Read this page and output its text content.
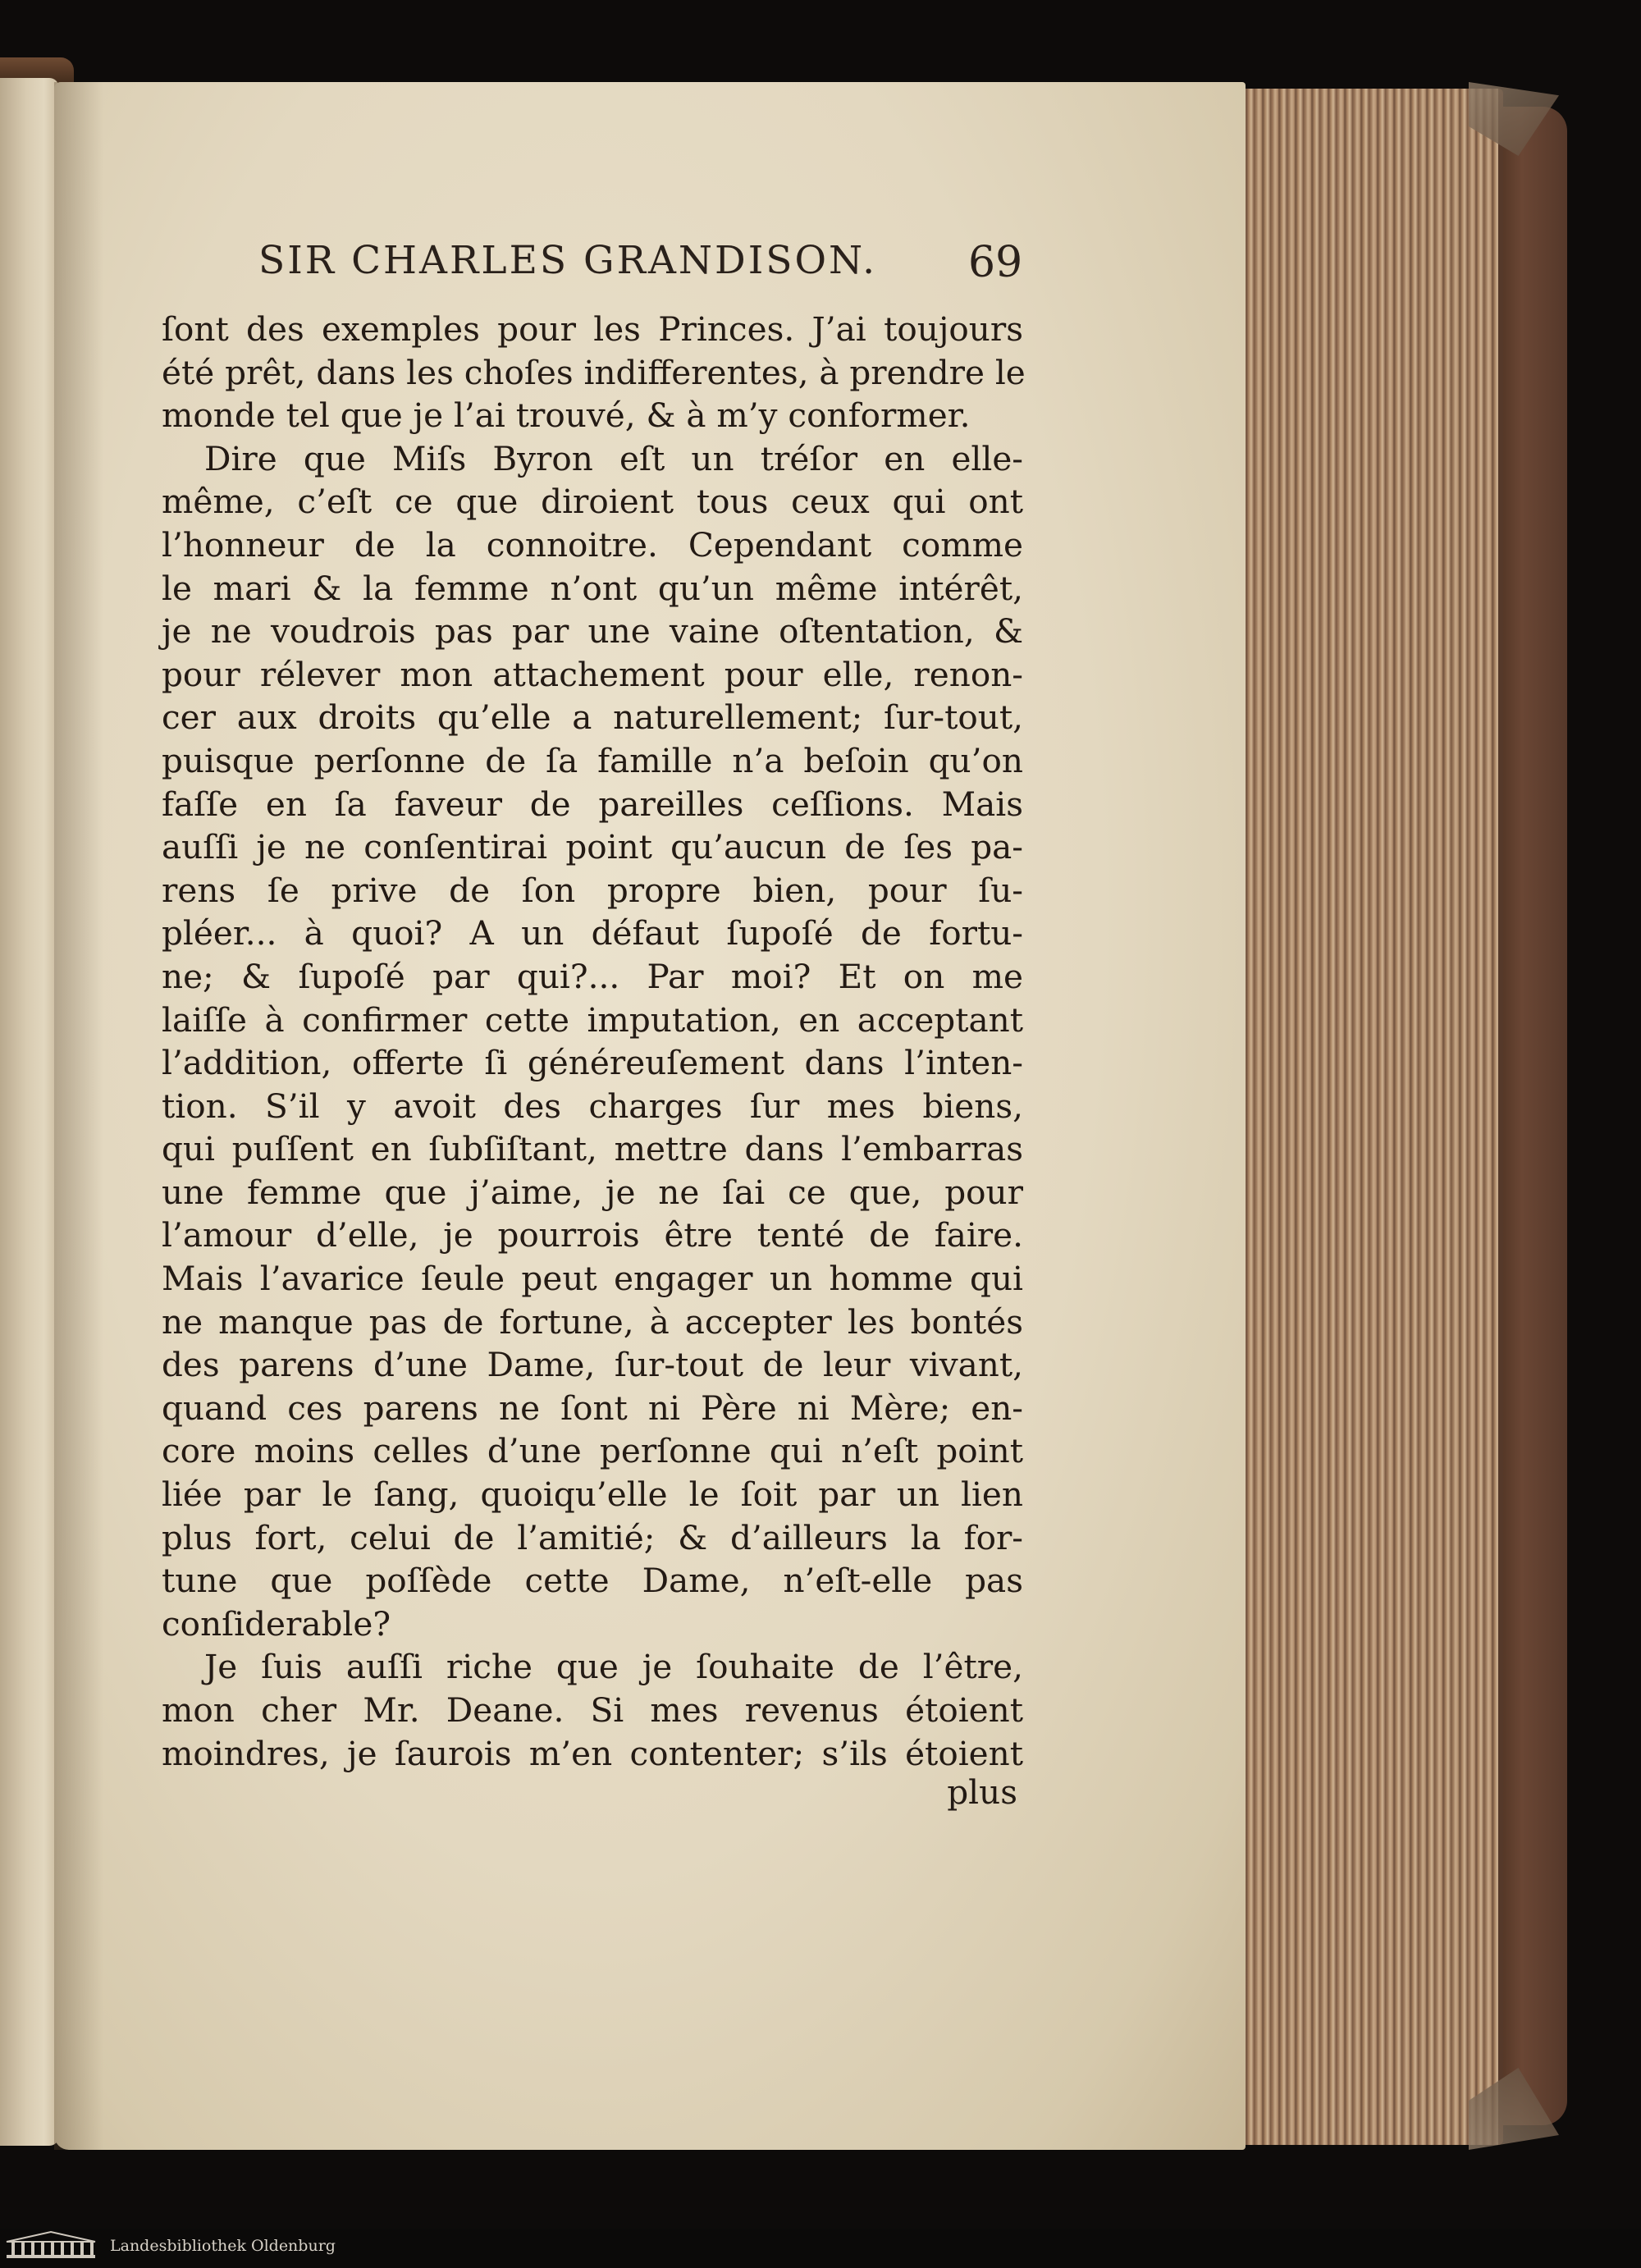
SIR CHARLES GRANDISON.	69
ſont des exemples pour les Princes. J’ai toujours
été prêt, dans les choſes indifferentes, à prendre le
monde tel que je l’ai trouvé, & à m’y conformer.
Dire que Miſs Byron eſt un tréſor en elle-
même, c’eſt ce que diroient tous ceux qui ont
l’honneur de la connoitre. Cependant comme
le mari & la femme n’ont qu’un même intérêt,
je ne voudrois pas par une vaine oſtentation, &
pour rélever mon attachement pour elle, renon-
cer aux droits qu’elle a naturellement; ſur-tout,
puisque perſonne de ſa famille n’a beſoin qu’on
faſſe en ſa faveur de pareilles ceſſions. Mais
auſſi je ne conſentirai point qu’aucun de ſes pa-
rens ſe prive de ſon propre bien, pour ſu-
pléer... à quoi? A un défaut ſupoſé de fortu-
ne; & ſupoſé par qui?... Par moi? Et on me
laiſſe à confirmer cette imputation, en acceptant
l’addition, offerte ſi généreuſement dans l’inten-
tion. S’il y avoit des charges ſur mes biens,
qui puſſent en ſubſiſtant, mettre dans l’embarras
une femme que j’aime, je ne ſai ce que, pour
l’amour d’elle, je pourrois être tenté de faire.
Mais l’avarice ſeule peut engager un homme qui
ne manque pas de fortune, à accepter les bontés
des parens d’une Dame, ſur-tout de leur vivant,
quand ces parens ne ſont ni Père ni Mère; en-
core moins celles d’une perſonne qui n’eſt point
liée par le ſang, quoiqu’elle le ſoit par un lien
plus fort, celui de l’amitié; & d’ailleurs la for-
tune que poſſède cette Dame, n’eſt-elle pas
conſiderable?
Je ſuis auſſi riche que je ſouhaite de l’être,
mon cher Mr. Deane. Si mes revenus étoient
moindres, je ſaurois m’en contenter; s’ils étoient
plus
Landesbibliothek Oldenburg
